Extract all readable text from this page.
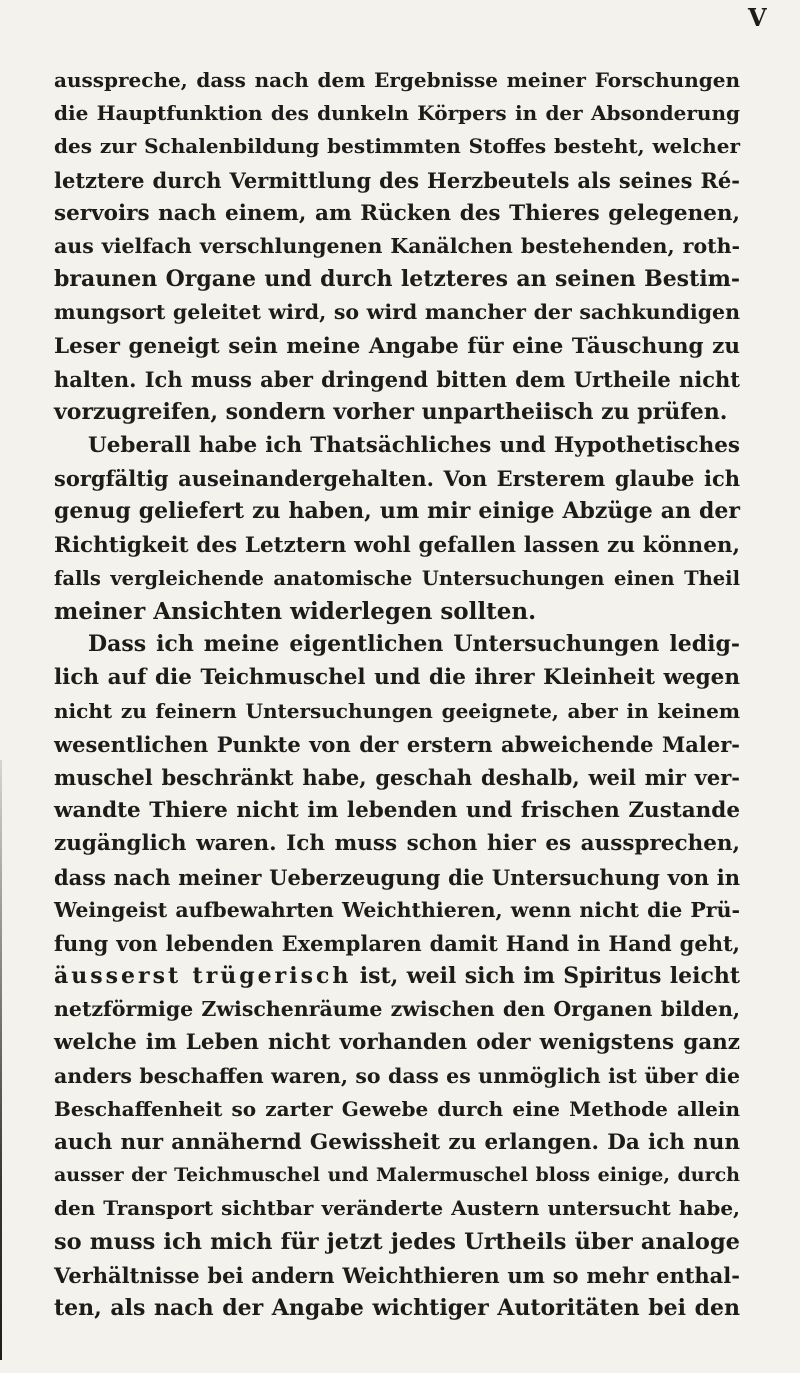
V
ausspreche, dass nach dem Ergebnisse meiner Forschungen
die Hauptfunktion des dunkeln Körpers in der Absonderung
des zur Schalenbildung bestimmten Stoffes besteht, welcher
letztere durch Vermittlung des Herzbeutels als seines Ré-
servoirs nach einem, am Rücken des Thieres gelegenen,
aus vielfach verschlungenen Kanälchen bestehenden, roth-
braunen Organe und durch letzteres an seinen Bestim-
mungsort geleitet wird, so wird mancher der sachkundigen
Leser geneigt sein meine Angabe für eine Täuschung zu
halten. Ich muss aber dringend bitten dem Urtheile nicht
vorzugreifen, sondern vorher unpartheiisch zu prüfen.
Ueberall habe ich Thatsächliches und Hypothetisches
sorgfältig auseinandergehalten. Von Ersterem glaube ich
genug geliefert zu haben, um mir einige Abzüge an der
Richtigkeit des Letztern wohl gefallen lassen zu können,
falls vergleichende anatomische Untersuchungen einen Theil
meiner Ansichten widerlegen sollten.
Dass ich meine eigentlichen Untersuchungen ledig-
lich auf die Teichmuschel und die ihrer Kleinheit wegen
nicht zu feinern Untersuchungen geeignete, aber in keinem
wesentlichen Punkte von der erstern abweichende Maler-
muschel beschränkt habe, geschah deshalb, weil mir ver-
wandte Thiere nicht im lebenden und frischen Zustande
zugänglich waren. Ich muss schon hier es aussprechen,
dass nach meiner Ueberzeugung die Untersuchung von in
Weingeist aufbewahrten Weichthieren, wenn nicht die Prü-
fung von lebenden Exemplaren damit Hand in Hand geht,
äusserst trügerisch ist, weil sich im Spiritus leicht
netzförmige Zwischenräume zwischen den Organen bilden,
welche im Leben nicht vorhanden oder wenigstens ganz
anders beschaffen waren, so dass es unmöglich ist über die
Beschaffenheit so zarter Gewebe durch eine Methode allein
auch nur annähernd Gewissheit zu erlangen. Da ich nun
ausser der Teichmuschel und Malermuschel bloss einige, durch
den Transport sichtbar veränderte Austern untersucht habe,
so muss ich mich für jetzt jedes Urtheils über analoge
Verhältnisse bei andern Weichthieren um so mehr enthal-
ten, als nach der Angabe wichtiger Autoritäten bei den
